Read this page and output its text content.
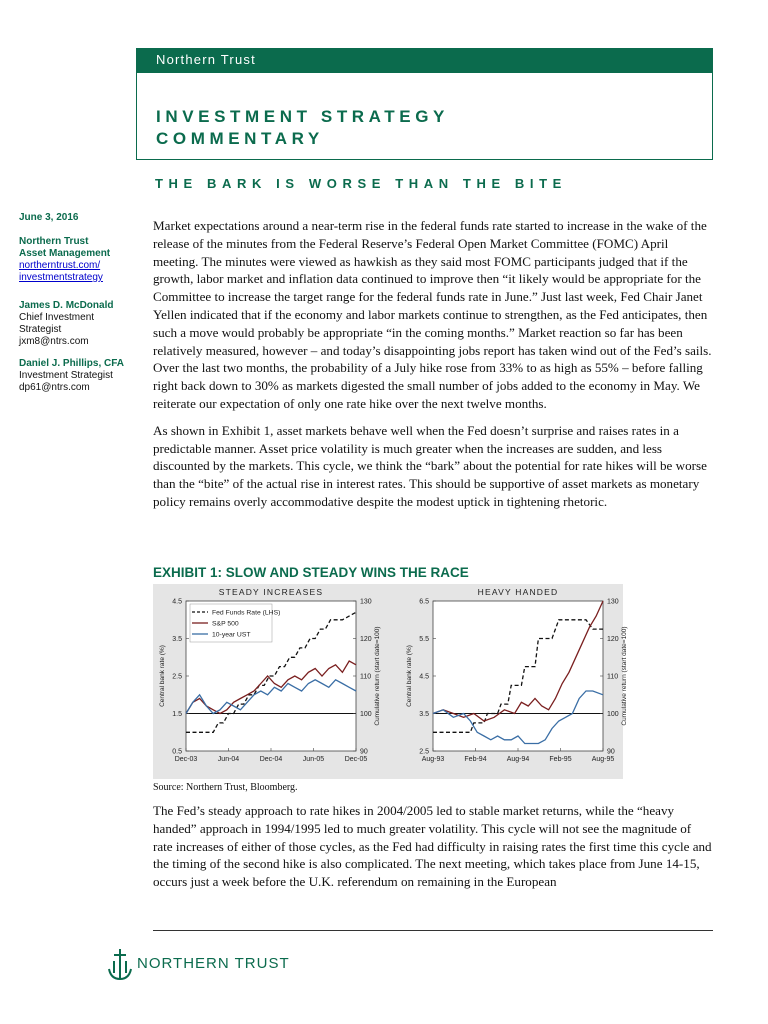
Northern Trust
INVESTMENT STRATEGY
COMMENTARY
THE BARK IS WORSE THAN THE BITE
June 3, 2016
Northern Trust
Asset Management
northerntrust.com/
investmentstrategy
James D. McDonald
Chief Investment
Strategist
jxm8@ntrs.com
Daniel J. Phillips, CFA
Investment Strategist
dp61@ntrs.com

Market expectations around a near-term rise in the federal funds rate started to increase in the wake of the release of the minutes from the Federal Reserve’s Federal Open Market Committee (FOMC) April meeting. The minutes were viewed as hawkish as they said most FOMC participants judged that if the growth, labor market and inflation data continued to improve then “it likely would be appropriate for the Committee to increase the target range for the federal funds rate in June.” Just last week, Fed Chair Janet Yellen indicated that if the economy and labor markets continue to strengthen, as the Fed anticipates, then such a move would probably be appropriate “in the coming months.” Market reaction so far has been relatively measured, however – and today’s disappointing jobs report has taken wind out of the Fed’s sails. Over the last two months, the probability of a July hike rose from 33% to as high as 55% – before falling right back down to 30% as markets digested the small number of jobs added to the economy in May. We reiterate our expectation of only one rate hike over the next twelve months.

As shown in Exhibit 1, asset markets behave well when the Fed doesn’t surprise and raises rates in a predictable manner. Asset price volatility is much greater when the increases are sudden, and less discounted by the markets. This cycle, we think the “bark” about the potential for rate hikes will be worse than the “bite” of the actual rise in interest rates. This should be supportive of asset markets as monetary policy remains overly accommodative despite the modest uptick in tightening rhetoric.

EXHIBIT 1: SLOW AND STEADY WINS THE RACE
STEADY INCREASES
0.5
1.5
2.5
3.5
4.5
90
100
110
120
130
Dec-03	Jun-04	Dec-04	Jun-05	Dec-05
Central bank rate (%)	Cumulative return (start date=100)
Fed Funds Rate (LHS)
S&P 500
10-year UST
HEAVY HANDED
2.5
3.5
4.5
5.5
6.5
90
100
110
120
130
Aug-93	Feb-94	Aug-94	Feb-95	Aug-95
Central bank rate (%)	Cumulative return (start date=100)
Source: Northern Trust, Bloomberg.

The Fed’s steady approach to rate hikes in 2004/2005 led to stable market returns, while the “heavy handed” approach in 1994/1995 led to much greater volatility. This cycle will not see the magnitude of rate increases of either of those cycles, as the Fed had difficulty in raising rates the first time this cycle and the timing of the second hike is also complicated. The next meeting, which takes place from June 14-15, occurs just a week before the U.K. referendum on remaining in the European

NORTHERN TRUST
